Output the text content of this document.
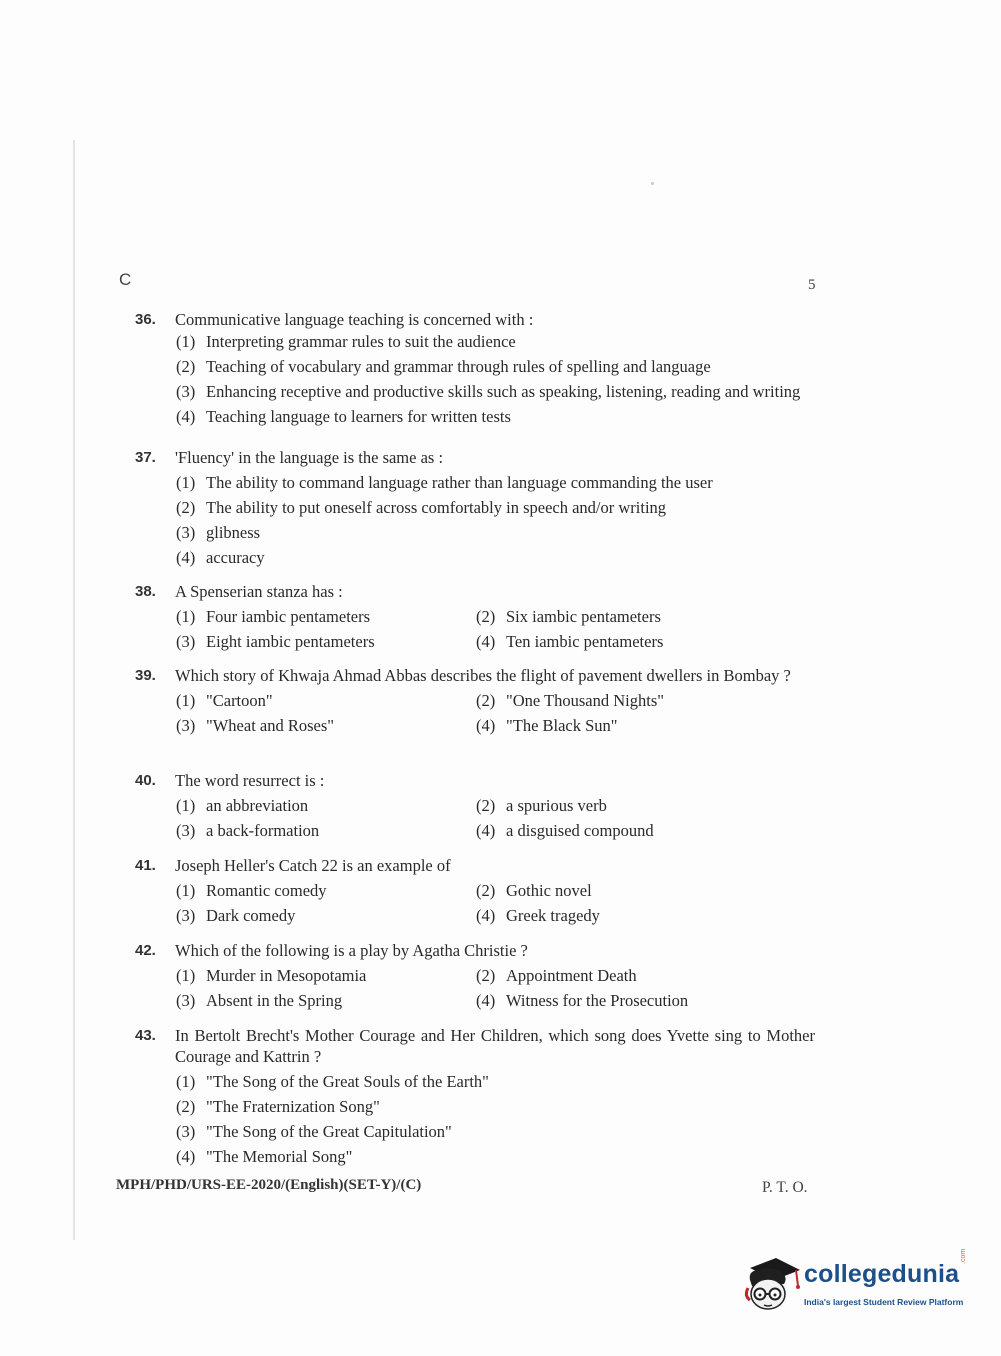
C	5
36. Communicative language teaching is concerned with :
(1) Interpreting grammar rules to suit the audience
(2) Teaching of vocabulary and grammar through rules of spelling and language
(3) Enhancing receptive and productive skills such as speaking, listening, reading and writing
(4) Teaching language to learners for written tests
37. 'Fluency' in the language is the same as :
(1) The ability to command language rather than language commanding the user
(2) The ability to put oneself across comfortably in speech and/or writing
(3) glibness
(4) accuracy
38. A Spenserian stanza has :
(1) Four iambic pentameters	(2) Six iambic pentameters
(3) Eight iambic pentameters	(4) Ten iambic pentameters
39. Which story of Khwaja Ahmad Abbas describes the flight of pavement dwellers in Bombay ?
(1) "Cartoon"	(2) "One Thousand Nights"
(3) "Wheat and Roses"	(4) "The Black Sun"
40. The word resurrect is :
(1) an abbreviation	(2) a spurious verb
(3) a back-formation	(4) a disguised compound
41. Joseph Heller's Catch 22 is an example of
(1) Romantic comedy	(2) Gothic novel
(3) Dark comedy	(4) Greek tragedy
42. Which of the following is a play by Agatha Christie ?
(1) Murder in Mesopotamia	(2) Appointment Death
(3) Absent in the Spring	(4) Witness for the Prosecution
43. In Bertolt Brecht's Mother Courage and Her Children, which song does Yvette sing to Mother Courage and Kattrin ?
(1) "The Song of the Great Souls of the Earth"
(2) "The Fraternization Song"
(3) "The Song of the Great Capitulation"
(4) "The Memorial Song"
MPH/PHD/URS-EE-2020/(English)(SET-Y)/(C)	P. T. O.
collegedunia
.com
India's largest Student Review Platform
